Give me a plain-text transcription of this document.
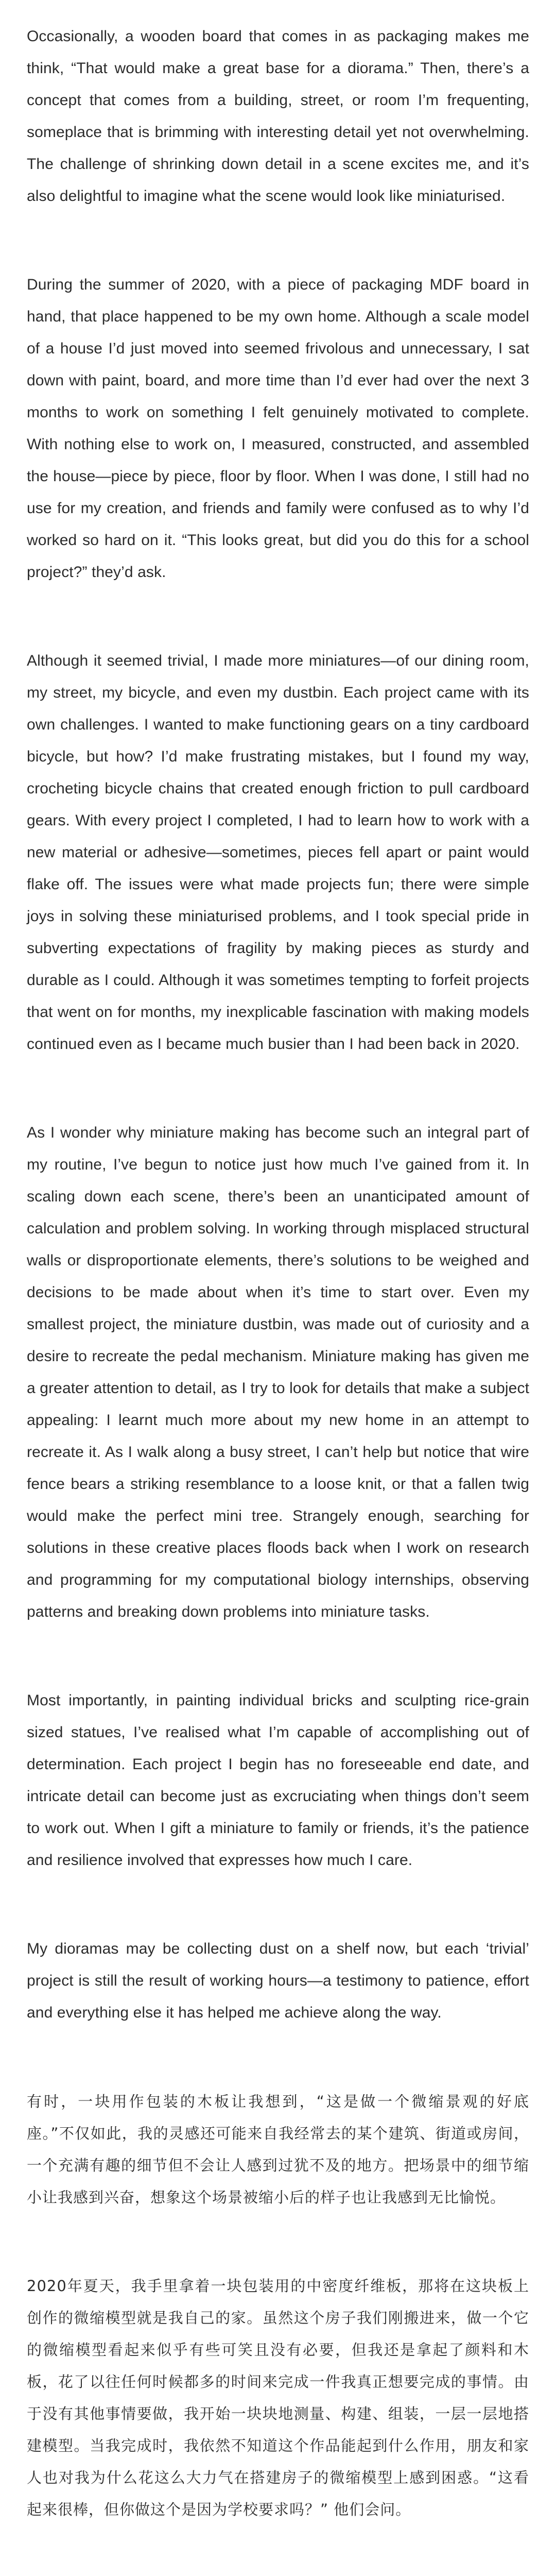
Occasionally, a wooden board that comes in as packaging makes me think, “That would make a great base for a diorama.” Then, there’s a concept that comes from a building, street, or room I’m frequenting, someplace that is brimming with interesting detail yet not overwhelming. The challenge of shrinking down detail in a scene excites me, and it’s also delightful to imagine what the scene would look like miniaturised.

During the summer of 2020, with a piece of packaging MDF board in hand, that place happened to be my own home. Although a scale model of a house I’d just moved into seemed frivolous and unnecessary, I sat down with paint, board, and more time than I’d ever had over the next 3 months to work on something I felt genuinely motivated to complete. With nothing else to work on, I measured, constructed, and assembled the house—piece by piece, floor by floor. When I was done, I still had no use for my creation, and friends and family were confused as to why I’d worked so hard on it. “This looks great, but did you do this for a school project?” they’d ask.

Although it seemed trivial, I made more miniatures—of our dining room, my street, my bicycle, and even my dustbin. Each project came with its own challenges. I wanted to make functioning gears on a tiny cardboard bicycle, but how? I’d make frustrating mistakes, but I found my way, crocheting bicycle chains that created enough friction to pull cardboard gears. With every project I completed, I had to learn how to work with a new material or adhesive—sometimes, pieces fell apart or paint would flake off. The issues were what made projects fun; there were simple joys in solving these miniaturised problems, and I took special pride in subverting expectations of fragility by making pieces as sturdy and durable as I could. Although it was sometimes tempting to forfeit projects that went on for months, my inexplicable fascination with making models continued even as I became much busier than I had been back in 2020.

As I wonder why miniature making has become such an integral part of my routine, I’ve begun to notice just how much I’ve gained from it. In scaling down each scene, there’s been an unanticipated amount of calculation and problem solving. In working through misplaced structural walls or disproportionate elements, there’s solutions to be weighed and decisions to be made about when it’s time to start over. Even my smallest project, the miniature dustbin, was made out of curiosity and a desire to recreate the pedal mechanism. Miniature making has given me a greater attention to detail, as I try to look for details that make a subject appealing: I learnt much more about my new home in an attempt to recreate it. As I walk along a busy street, I can’t help but notice that wire fence bears a striking resemblance to a loose knit, or that a fallen twig would make the perfect mini tree. Strangely enough, searching for solutions in these creative places floods back when I work on research and programming for my computational biology internships, observing patterns and breaking down problems into miniature tasks.

Most importantly, in painting individual bricks and sculpting rice-grain sized statues, I’ve realised what I’m capable of accomplishing out of determination. Each project I begin has no foreseeable end date, and intricate detail can become just as excruciating when things don’t seem to work out. When I gift a miniature to family or friends, it’s the patience and resilience involved that expresses how much I care.

My dioramas may be collecting dust on a shelf now, but each ‘trivial’ project is still the result of working hours—a testimony to patience, effort and everything else it has helped me achieve along the way.

有时，一块用作包装的木板让我想到，“这是做一个微缩景观的好底座。”不仅如此，我的灵感还可能来自我经常去的某个建筑、街道或房间，一个充满有趣的细节但不会让人感到过犹不及的地方。把场景中的细节缩小让我感到兴奋，想象这个场景被缩小后的样子也让我感到无比愉悦。

2020年夏天，我手里拿着一块包装用的中密度纤维板，那将在这块板上创作的微缩模型就是我自己的家。虽然这个房子我们刚搬进来，做一个它的微缩模型看起来似乎有些可笑且没有必要，但我还是拿起了颜料和木板，花了以往任何时候都多的时间来完成一件我真正想要完成的事情。由于没有其他事情要做，我开始一块块地测量、构建、组装，一层一层地搭建模型。当我完成时，我依然不知道这个作品能起到什么作用，朋友和家人也对我为什么花这么大力气在搭建房子的微缩模型上感到困惑。“这看起来很棒，但你做这个是因为学校要求吗？” 他们会问。
